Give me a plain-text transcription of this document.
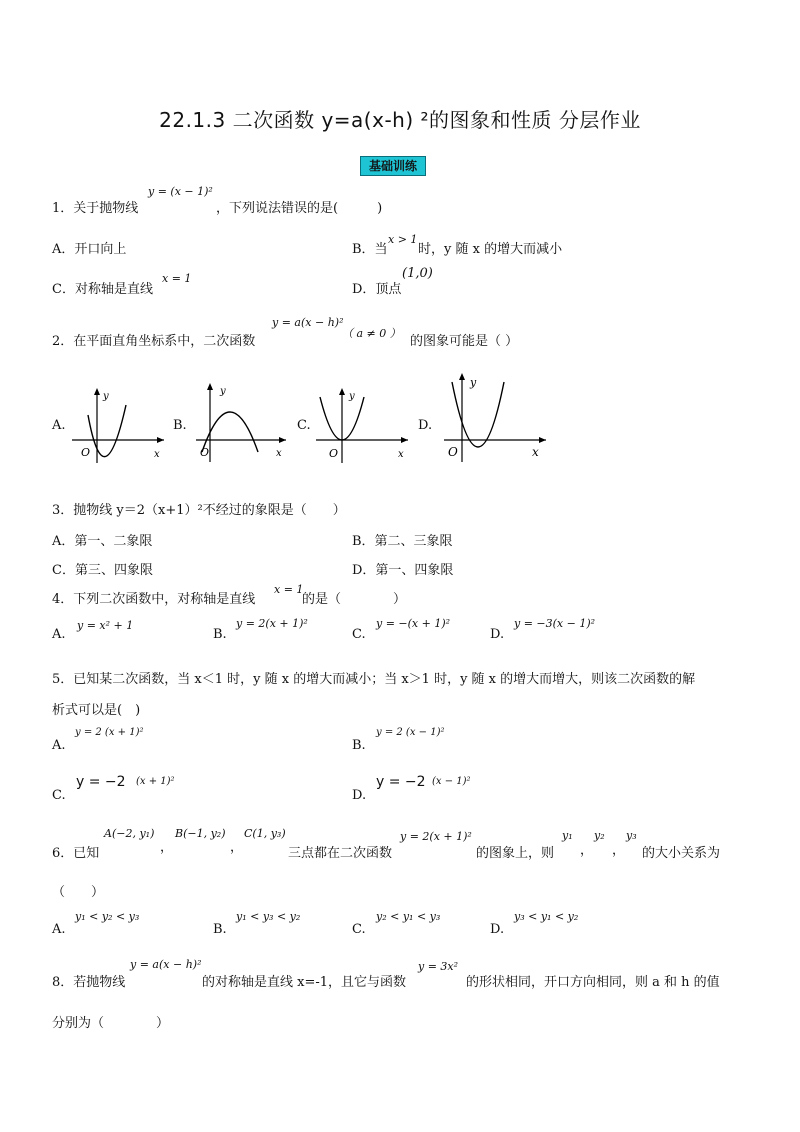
22.1.3 二次函数 y=a(x-h) ²的图象和性质 分层作业
基础训练
1．关于抛物线
y = (x − 1)²
，下列说法错误的是(　　　)
A．开口向上	B．当
x > 1
时，y 随 x 的增大而减小
C．对称轴是直线
x = 1
D．顶点
(1,0)
2．在平面直角坐标系中，二次函数
y = a(x − h)²
（ a ≠ 0 ）
的图象可能是（ ）
A.	B.	C.	D.
y
x
O
y
x
O
y
x
O
y
x
O
3．抛物线 y＝2（x+1）²不经过的象限是（　　）
A．第一、二象限	B．第二、三象限
C．第三、四象限	D．第一、四象限
4．下列二次函数中，对称轴是直线
x = 1
的是（　　　　）
A.
y = x² + 1
B.
y = 2(x + 1)²
C.
y = −(x + 1)²
D.
y = −3(x − 1)²
5．已知某二次函数，当 x＜1 时，y 随 x 的增大而减小；当 x＞1 时，y 随 x 的增大而增大，则该二次函数的解
析式可以是(　)
A.
y = 2 (x + 1)²
B.
y = 2 (x − 1)²
C.
y = −2 (x + 1)²
D.
y = −2 (x − 1)²
6．已知
A(−2, y₁)
，
B(−1, y₂)
，
C(1, y₃)
三点都在二次函数
y = 2(x + 1)²
的图象上，则
y₁
，
y₂
，
y₃
的大小关系为
（　　）
A.
y₁ < y₂ < y₃
B.
y₁ < y₃ < y₂
C.
y₂ < y₁ < y₃
D.
y₃ < y₁ < y₂
8．若抛物线
y = a(x − h)²
的对称轴是直线 x=-1，且它与函数
y = 3x²
的形状相同，开口方向相同，则 a 和 h 的值
分别为（　　　　）
